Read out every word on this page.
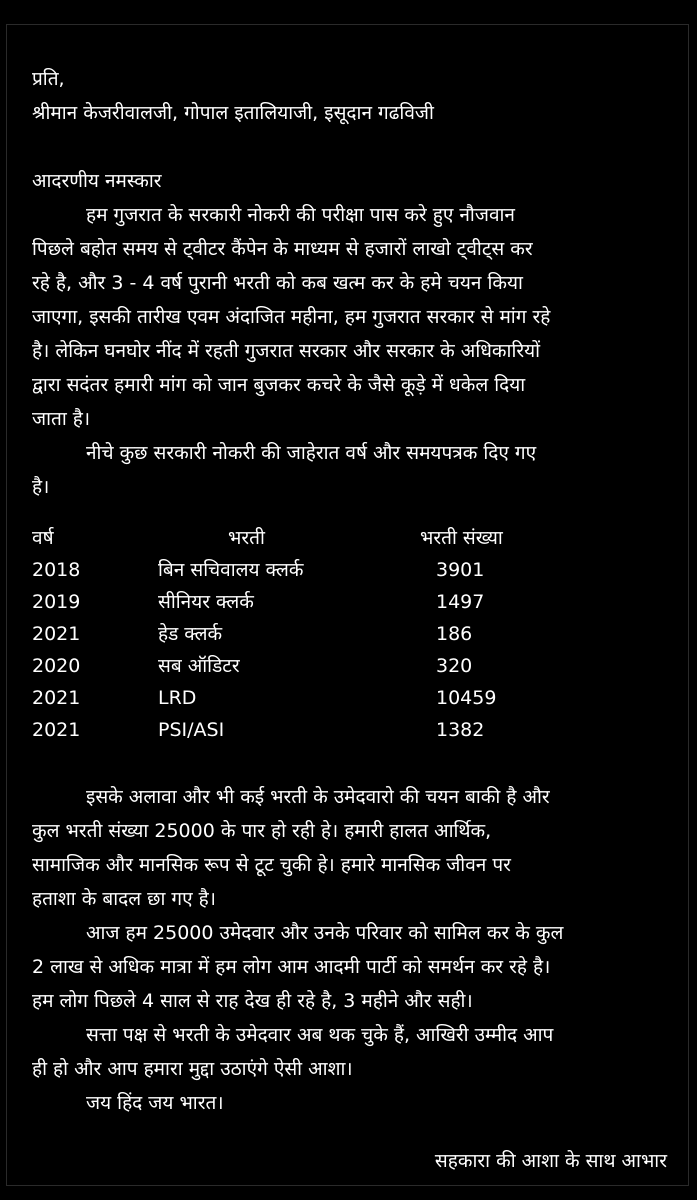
प्रति,

श्रीमान केजरीवालजी, गोपाल इतालियाजी, इसूदान गढविजी

आदरणीय नमस्कार

हम गुजरात के सरकारी नोकरी की परीक्षा पास करे हुए नौजवान

पिछले बहोत समय से ट्वीटर कैंपेन के माध्यम से हजारों लाखो ट्वीट्स कर

रहे है, और 3 - 4 वर्ष पुरानी भरती को कब खत्म कर के हमे चयन किया

जाएगा, इसकी तारीख एवम अंदाजित महीना, हम गुजरात सरकार से मांग रहे

है। लेकिन घनघोर नींद में रहती गुजरात सरकार और सरकार के अधिकारियों

द्वारा सदंतर हमारी मांग को जान बुजकर कचरे के जैसे कूड़े में धकेल दिया

जाता है।

नीचे कुछ सरकारी नोकरी की जाहेरात वर्ष और समयपत्रक दिए गए

है।

वर्ष	भरती	भरती संख्या
2018	बिन सचिवालय क्लर्क	3901
2019	सीनियर क्लर्क	1497
2021	हेड क्लर्क	186
2020	सब ऑडिटर	320
2021	LRD	10459
2021	PSI/ASI	1382

इसके अलावा और भी कई भरती के उमेदवारो की चयन बाकी है और

कुल भरती संख्या 25000 के पार हो रही हे। हमारी हालत आर्थिक,

सामाजिक और मानसिक रूप से टूट चुकी हे। हमारे मानसिक जीवन पर

हताशा के बादल छा गए है।

आज हम 25000 उमेदवार और उनके परिवार को सामिल कर के कुल

2 लाख से अधिक मात्रा में हम लोग आम आदमी पार्टी को समर्थन कर रहे है।

हम लोग पिछले 4 साल से राह देख ही रहे है, 3 महीने और सही।

सत्ता पक्ष से भरती के उमेदवार अब थक चुके हैं, आखिरी उम्मीद आप

ही हो और आप हमारा मुद्दा उठाएंगे ऐसी आशा।

जय हिंद जय भारत।

सहकारा की आशा के साथ आभार
